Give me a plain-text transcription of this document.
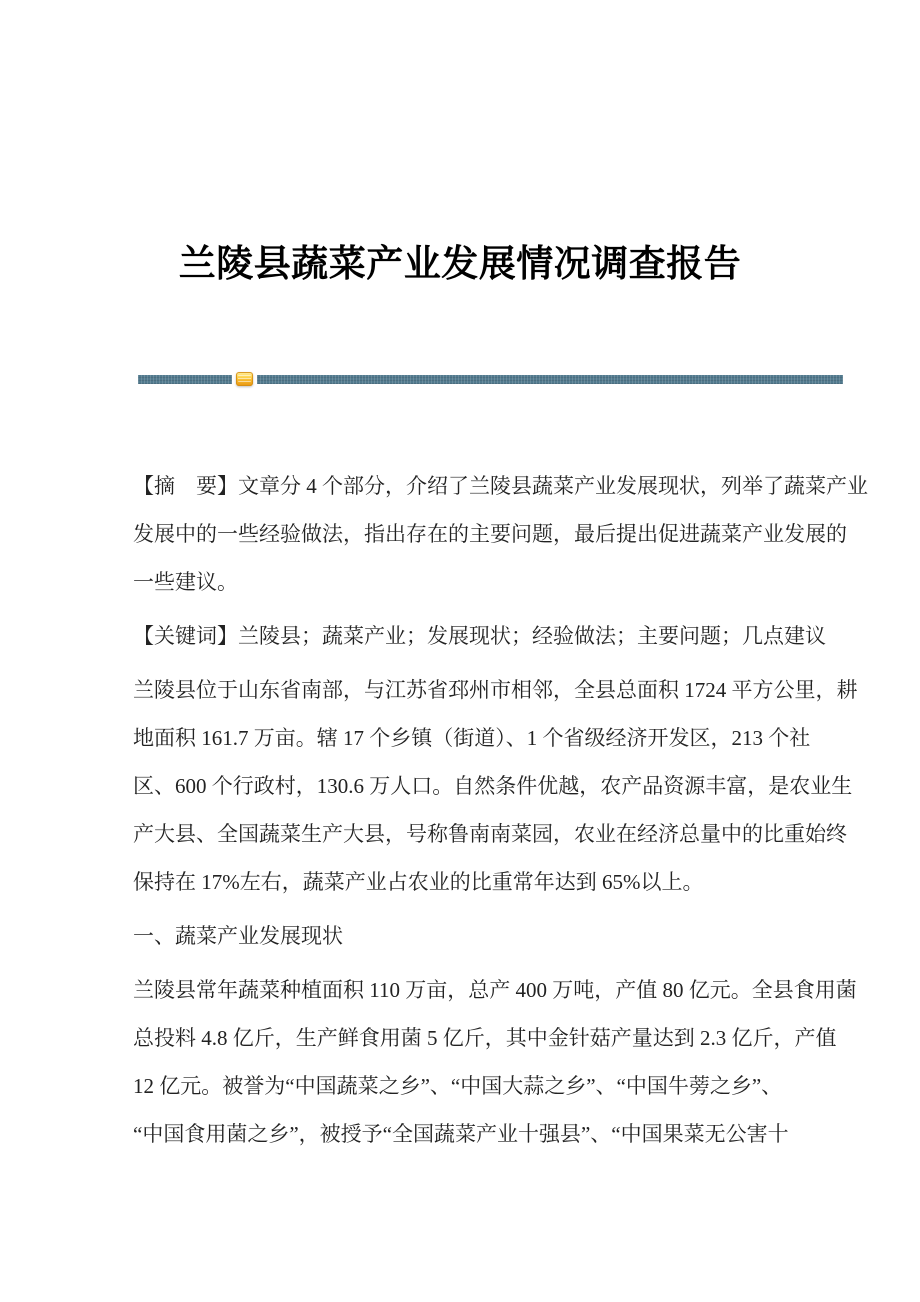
兰陵县蔬菜产业发展情况调查报告
【摘　要】文章分 4 个部分，介绍了兰陵县蔬菜产业发展现状，列举了蔬菜产业
发展中的一些经验做法，指出存在的主要问题，最后提出促进蔬菜产业发展的
一些建议。
【关键词】兰陵县；蔬菜产业；发展现状；经验做法；主要问题；几点建议
兰陵县位于山东省南部，与江苏省邳州市相邻，全县总面积 1724 平方公里，耕
地面积 161.7 万亩。辖 17 个乡镇（街道）、1 个省级经济开发区，213 个社
区、600 个行政村，130.6 万人口。自然条件优越，农产品资源丰富，是农业生
产大县、全国蔬菜生产大县，号称鲁南南菜园，农业在经济总量中的比重始终
保持在 17%左右，蔬菜产业占农业的比重常年达到 65%以上。
一、蔬菜产业发展现状
兰陵县常年蔬菜种植面积 110 万亩，总产 400 万吨，产值 80 亿元。全县食用菌
总投料 4.8 亿斤，生产鲜食用菌 5 亿斤，其中金针菇产量达到 2.3 亿斤，产值
12 亿元。被誉为“中国蔬菜之乡”、“中国大蒜之乡”、“中国牛蒡之乡”、
“中国食用菌之乡”，被授予“全国蔬菜产业十强县”、“中国果菜无公害十
